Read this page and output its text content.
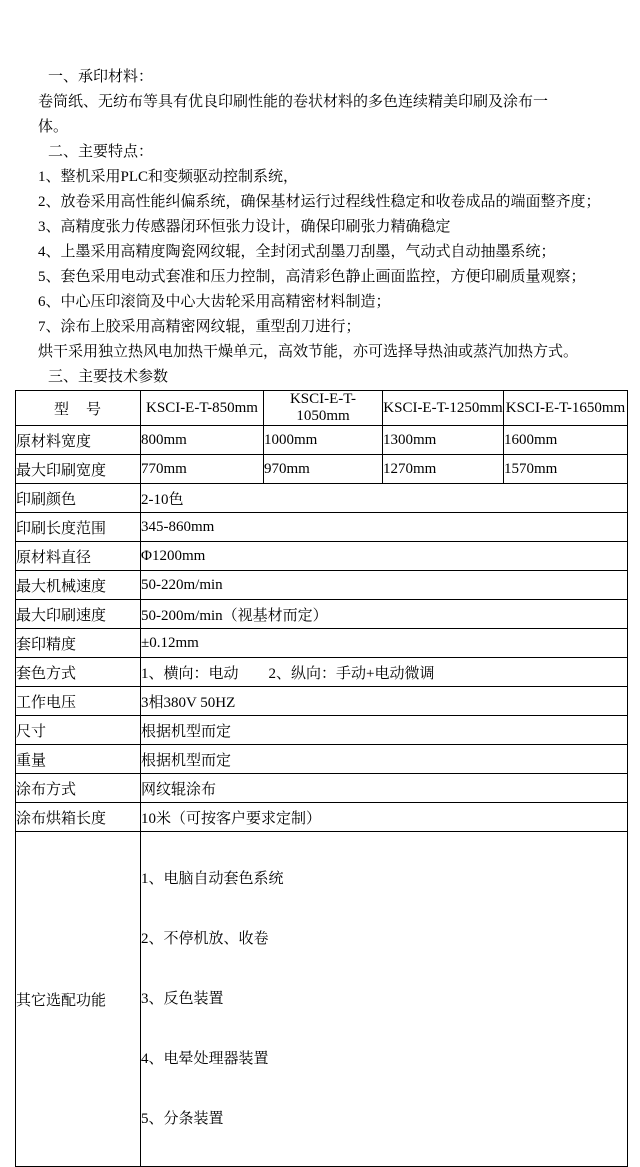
一、承印材料：
卷筒纸、无纺布等具有优良印刷性能的卷状材料的多色连续精美印刷及涂布一
体。
二、主要特点：
1、整机采用PLC和变频驱动控制系统，
2、放卷采用高性能纠偏系统，确保基材运行过程线性稳定和收卷成品的端面整齐度；
3、高精度张力传感器闭环恒张力设计，确保印刷张力精确稳定
4、上墨采用高精度陶瓷网纹辊，全封闭式刮墨刀刮墨，气动式自动抽墨系统；
5、套色采用电动式套准和压力控制，高清彩色静止画面监控，方便印刷质量观察；
6、中心压印滚筒及中心大齿轮采用高精密材料制造；
7、涂布上胶采用高精密网纹辊，重型刮刀进行；
烘干采用独立热风电加热干燥单元，高效节能，亦可选择导热油或蒸汽加热方式。
三、主要技术参数
型　号	KSCI-E-T-850mm	KSCI-E-T-1050mm	KSCI-E-T-1250mm	KSCI-E-T-1650mm
原材料宽度	800mm	1000mm	1300mm	1600mm
最大印刷宽度	770mm	970mm	1270mm	1570mm
印刷颜色	2-10色			
印刷长度范围	345-860mm			
原材料直径	Φ1200mm			
最大机械速度	50-220m/min			
最大印刷速度	50-200m/min（视基材而定）			
套印精度	±0.12mm			
套色方式	1、横向：电动　　2、纵向：手动+电动微调			
工作电压	3相380V 50HZ			
尺寸	根据机型而定			
重量	根据机型而定			
涂布方式	网纹辊涂布			
涂布烘箱长度	10米（可按客户要求定制）			
其它选配功能	1、电脑自动套色系统

2、不停机放、收卷

3、反色装置

4、电晕处理器装置

5、分条装置			
